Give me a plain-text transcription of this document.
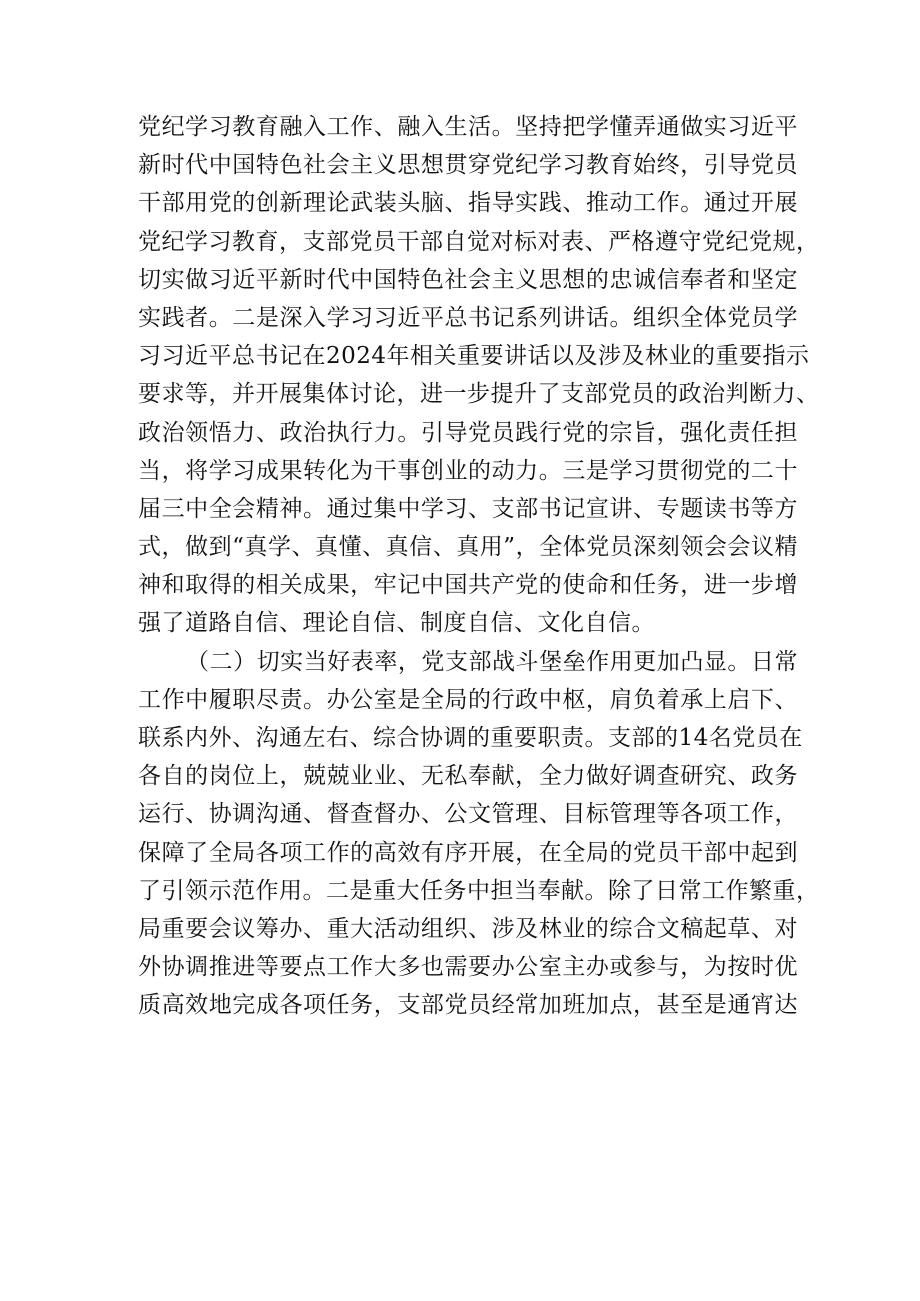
党纪学习教育融入工作、融入生活。坚持把学懂弄通做实习近平
新时代中国特色社会主义思想贯穿党纪学习教育始终，引导党员
干部用党的创新理论武装头脑、指导实践、推动工作。通过开展
党纪学习教育，支部党员干部自觉对标对表、严格遵守党纪党规，
切实做习近平新时代中国特色社会主义思想的忠诚信奉者和坚定
实践者。二是深入学习习近平总书记系列讲话。组织全体党员学
习习近平总书记在2024年相关重要讲话以及涉及林业的重要指示
要求等，并开展集体讨论，进一步提升了支部党员的政治判断力、
政治领悟力、政治执行力。引导党员践行党的宗旨，强化责任担
当，将学习成果转化为干事创业的动力。三是学习贯彻党的二十
届三中全会精神。通过集中学习、支部书记宣讲、专题读书等方
式，做到“真学、真懂、真信、真用”，全体党员深刻领会会议精
神和取得的相关成果，牢记中国共产党的使命和任务，进一步增
强了道路自信、理论自信、制度自信、文化自信。
（二）切实当好表率，党支部战斗堡垒作用更加凸显。日常
工作中履职尽责。办公室是全局的行政中枢，肩负着承上启下、
联系内外、沟通左右、综合协调的重要职责。支部的14名党员在
各自的岗位上，兢兢业业、无私奉献，全力做好调查研究、政务
运行、协调沟通、督查督办、公文管理、目标管理等各项工作，
保障了全局各项工作的高效有序开展，在全局的党员干部中起到
了引领示范作用。二是重大任务中担当奉献。除了日常工作繁重，
局重要会议筹办、重大活动组织、涉及林业的综合文稿起草、对
外协调推进等要点工作大多也需要办公室主办或参与，为按时优
质高效地完成各项任务，支部党员经常加班加点，甚至是通宵达
